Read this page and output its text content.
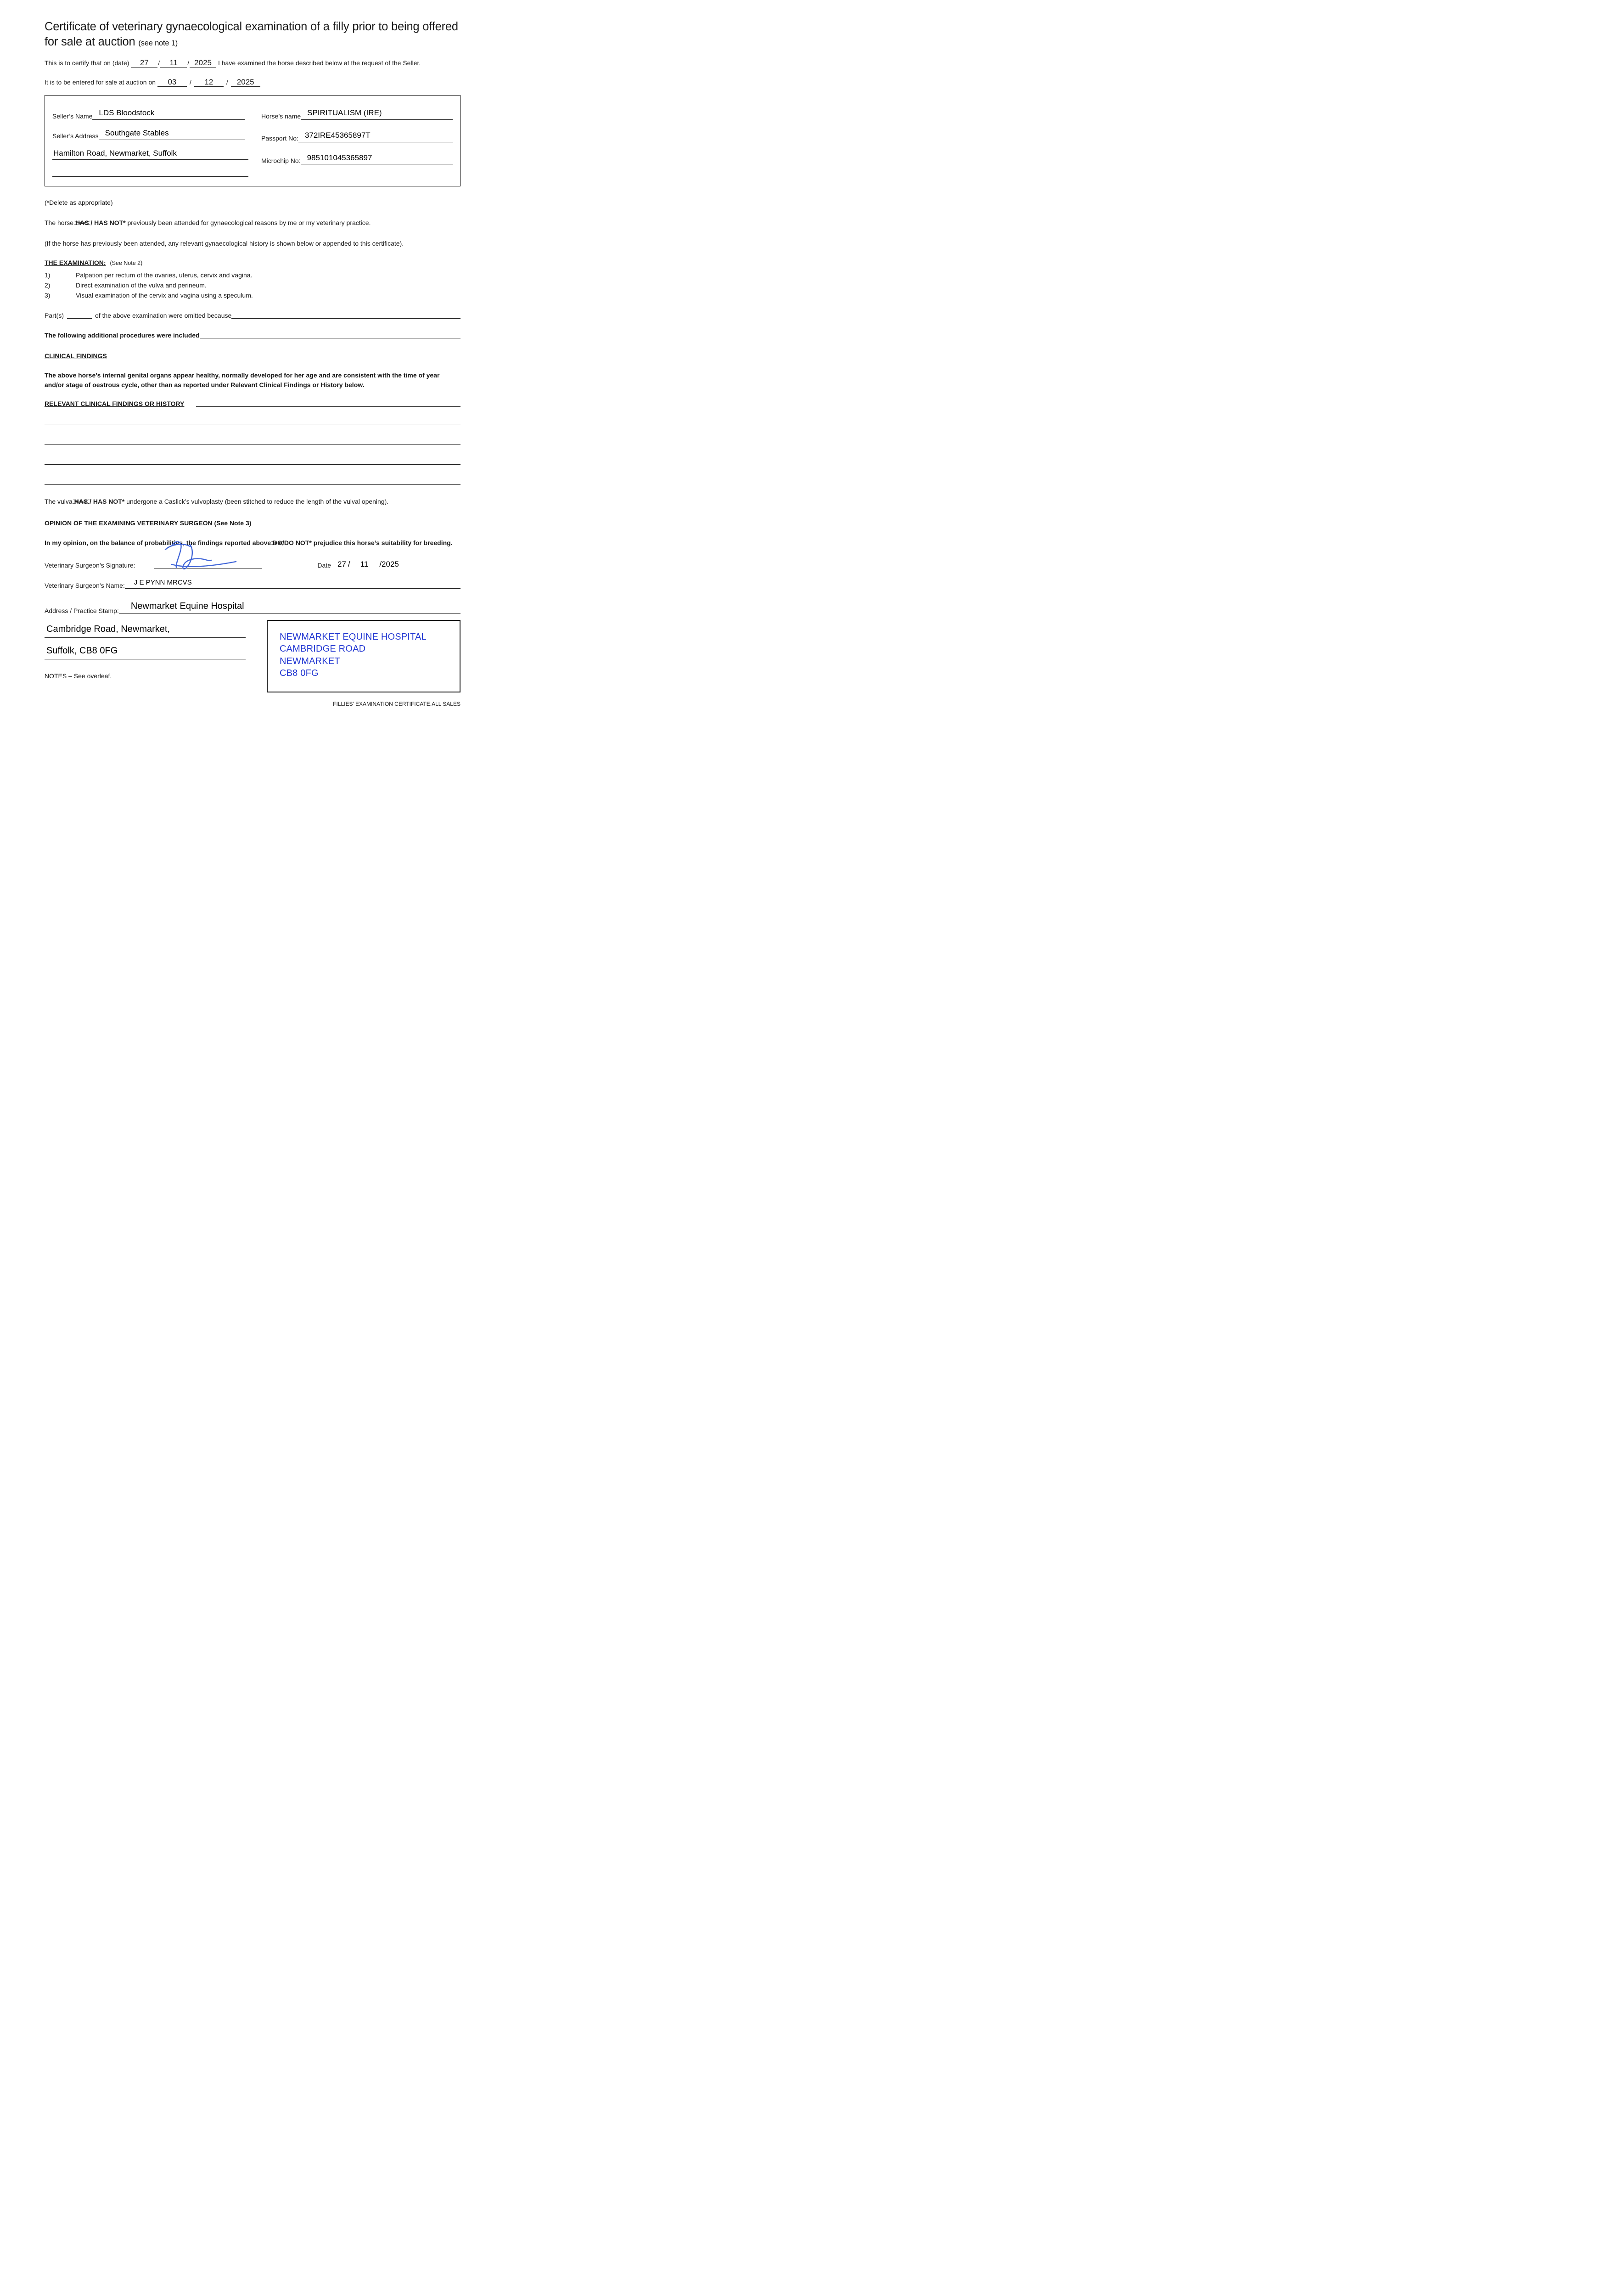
Certificate of veterinary gynaecological examination of a filly prior to being offered for sale at auction (see note 1)

This is to certify that on (date) 27 / 11 / 2025 I have examined the horse described below at the request of the Seller.

It is to be entered for sale at auction on 03 / 12 / 2025

Seller’s Name LDS Bloodstock
Seller’s Address Southgate Stables
Hamilton Road, Newmarket, Suffolk
Horse’s name SPIRITUALISM (IRE)
Passport No: 372IRE45365897T
Microchip No: 985101045365897

(*Delete as appropriate)

The horse HAS / HAS NOT* previously been attended for gynaecological reasons by me or my veterinary practice.

(If the horse has previously been attended, any relevant gynaecological history is shown below or appended to this certificate).

THE EXAMINATION: (See Note 2)

1)	Palpation per rectum of the ovaries, uterus, cervix and vagina.
2)	Direct examination of the vulva and perineum.
3)	Visual examination of the cervix and vagina using a speculum.
Part(s)	of the above examination were omitted because
The following additional procedures were included

CLINICAL FINDINGS

The above horse’s internal genital organs appear healthy, normally developed for her age and are consistent with the time of year and/or stage of oestrous cycle, other than as reported under Relevant Clinical Findings or History below.

RELEVANT CLINICAL FINDINGS OR HISTORY

The vulva HAS / HAS NOT* undergone a Caslick’s vulvoplasty (been stitched to reduce the length of the vulval opening).

OPINION OF THE EXAMINING VETERINARY SURGEON (See Note 3)

In my opinion, on the balance of probabilities, the findings reported above DO/DO NOT* prejudice this horse’s suitability for breeding.

Veterinary Surgeon’s Signature:	Date 27 / 11 / 2025
Veterinary Surgeon’s Name:	J E PYNN MRCVS
Address / Practice Stamp:	Newmarket Equine Hospital
Cambridge Road, Newmarket,
Suffolk, CB8 0FG

NOTES – See overleaf.

NEWMARKET EQUINE HOSPITAL
CAMBRIDGE ROAD
NEWMARKET
CB8 0FG
FILLIES’ EXAMINATION CERTIFICATE.ALL SALES
